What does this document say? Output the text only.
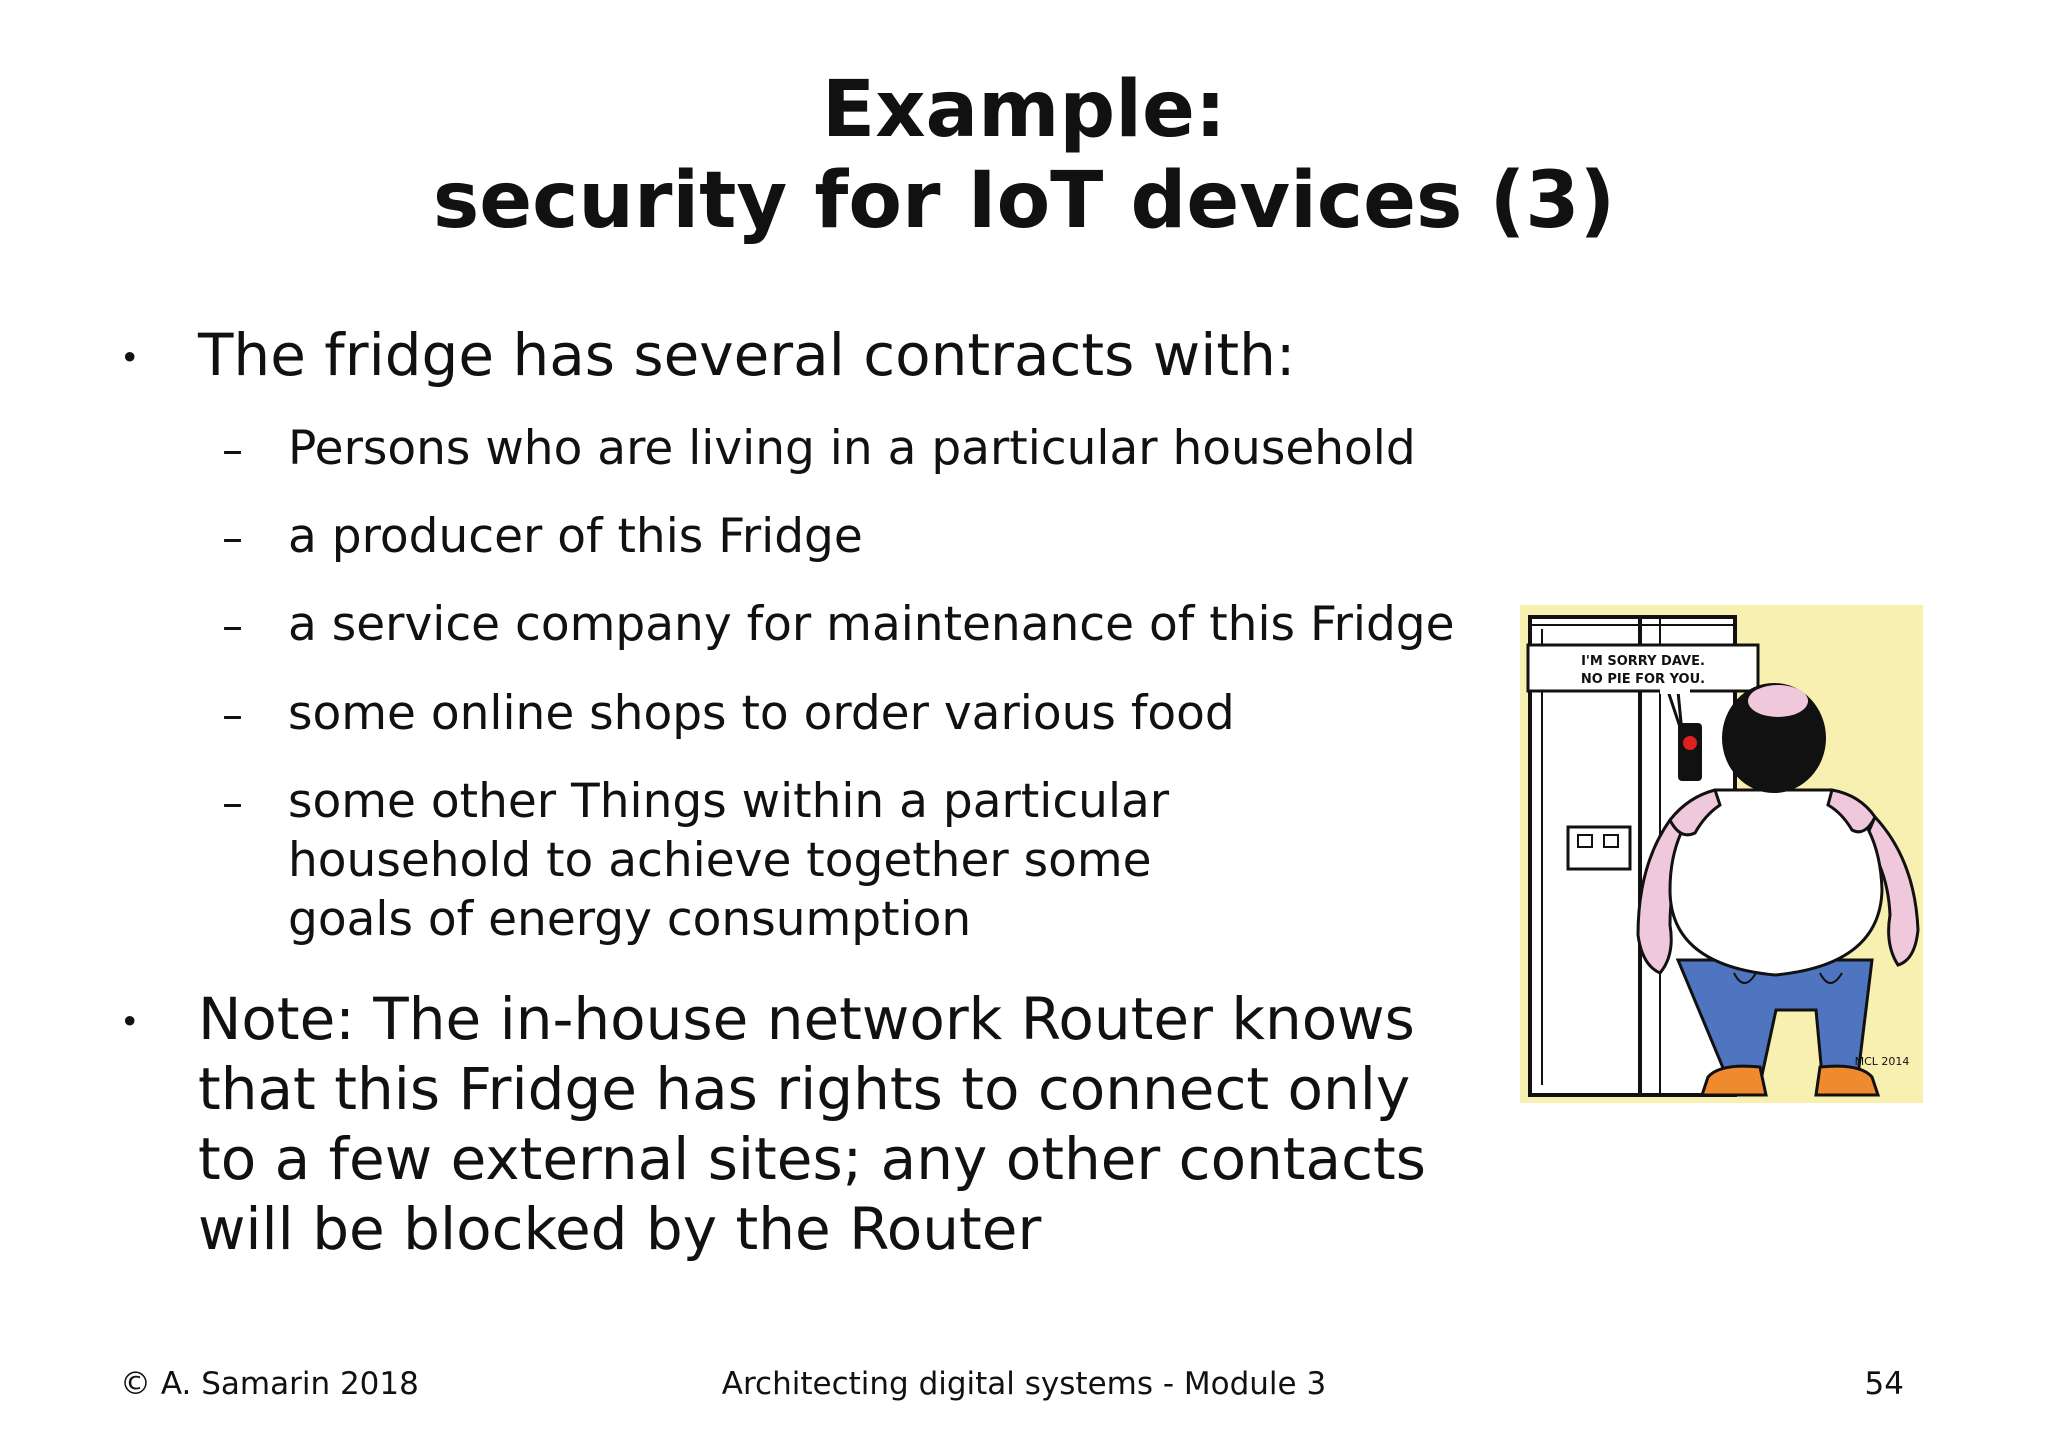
Example:
security for IoT devices (3)
• The fridge has several contracts with:
– Persons who are living in a particular household
– a producer of this Fridge
– a service company for maintenance of this Fridge
– some online shops to order various food
– some other Things within a particular
household to achieve together some
goals of energy consumption
• Note: The in-house network Router knows
that this Fridge has rights to connect only
to a few external sites; any other contacts
will be blocked by the Router
I'M SORRY DAVE.
NO PIE FOR YOU.
MCL 2014
© A. Samarin 2018	Architecting digital systems - Module 3	54
